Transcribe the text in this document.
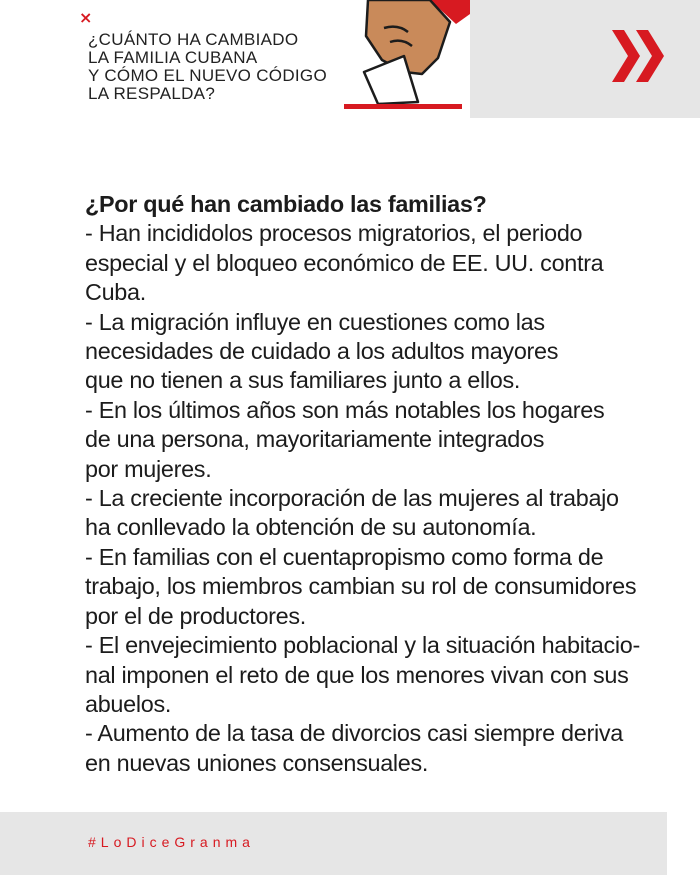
×
¿CUÁNTO HA CAMBIADO
LA FAMILIA CUBANA
Y CÓMO EL NUEVO CÓDIGO
LA RESPALDA?
¿Por qué han cambiado las familias?
- Han incididolos procesos migratorios, el periodo
especial y el bloqueo económico de EE. UU. contra
Cuba.
- La migración influye en cuestiones como las
necesidades de cuidado a los adultos mayores
que no tienen a sus familiares junto a ellos.
- En los últimos años son más notables los hogares
de una persona, mayoritariamente integrados
por mujeres.
- La creciente incorporación de las mujeres al trabajo
ha conllevado la obtención de su autonomía.
- En familias con el cuentapropismo como forma de
trabajo, los miembros cambian su rol de consumidores
por el de productores.
- El envejecimiento poblacional y la situación habitacio-
nal imponen el reto de que los menores vivan con sus
abuelos.
- Aumento de la tasa de divorcios casi siempre deriva
en nuevas uniones consensuales.
#LoDiceGranma
